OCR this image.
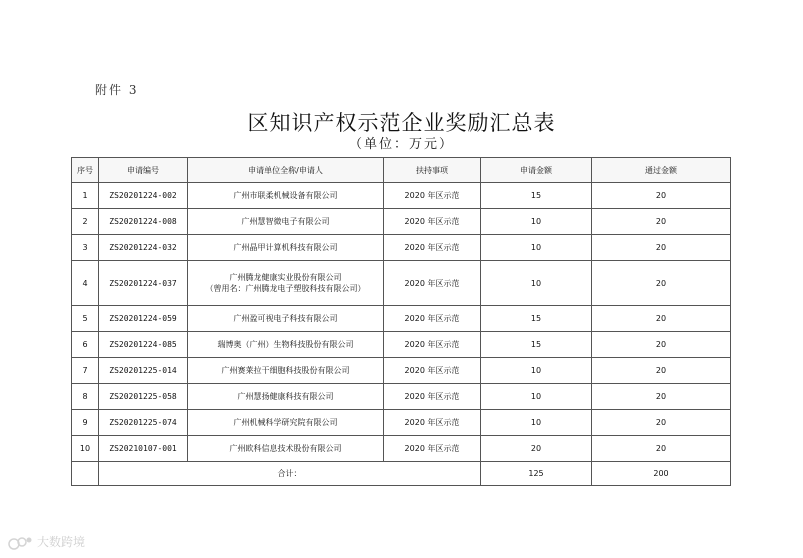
附件 3
区知识产权示范企业奖励汇总表
（单位：万元）
序号	申请编号	申请单位全称/申请人	扶持事项	申请金额	通过金额
1	ZS20201224-002	广州市联柔机械设备有限公司	2020 年区示范	15	20
2	ZS20201224-008	广州慧智微电子有限公司	2020 年区示范	10	20
3	ZS20201224-032	广州晶甲计算机科技有限公司	2020 年区示范	10	20
4	ZS20201224-037	广州腾龙健康实业股份有限公司
（曾用名：广州腾龙电子塑胶科技有限公司）	2020 年区示范	10	20
5	ZS20201224-059	广州盈可视电子科技有限公司	2020 年区示范	15	20
6	ZS20201224-085	瑞博奥（广州）生物科技股份有限公司	2020 年区示范	15	20
7	ZS20201225-014	广州赛莱拉干细胞科技股份有限公司	2020 年区示范	10	20
8	ZS20201225-058	广州慧扬健康科技有限公司	2020 年区示范	10	20
9	ZS20201225-074	广州机械科学研究院有限公司	2020 年区示范	10	20
10	ZS20210107-001	广州欧科信息技术股份有限公司	2020 年区示范	20	20
	合计：			125	200
大数跨境
